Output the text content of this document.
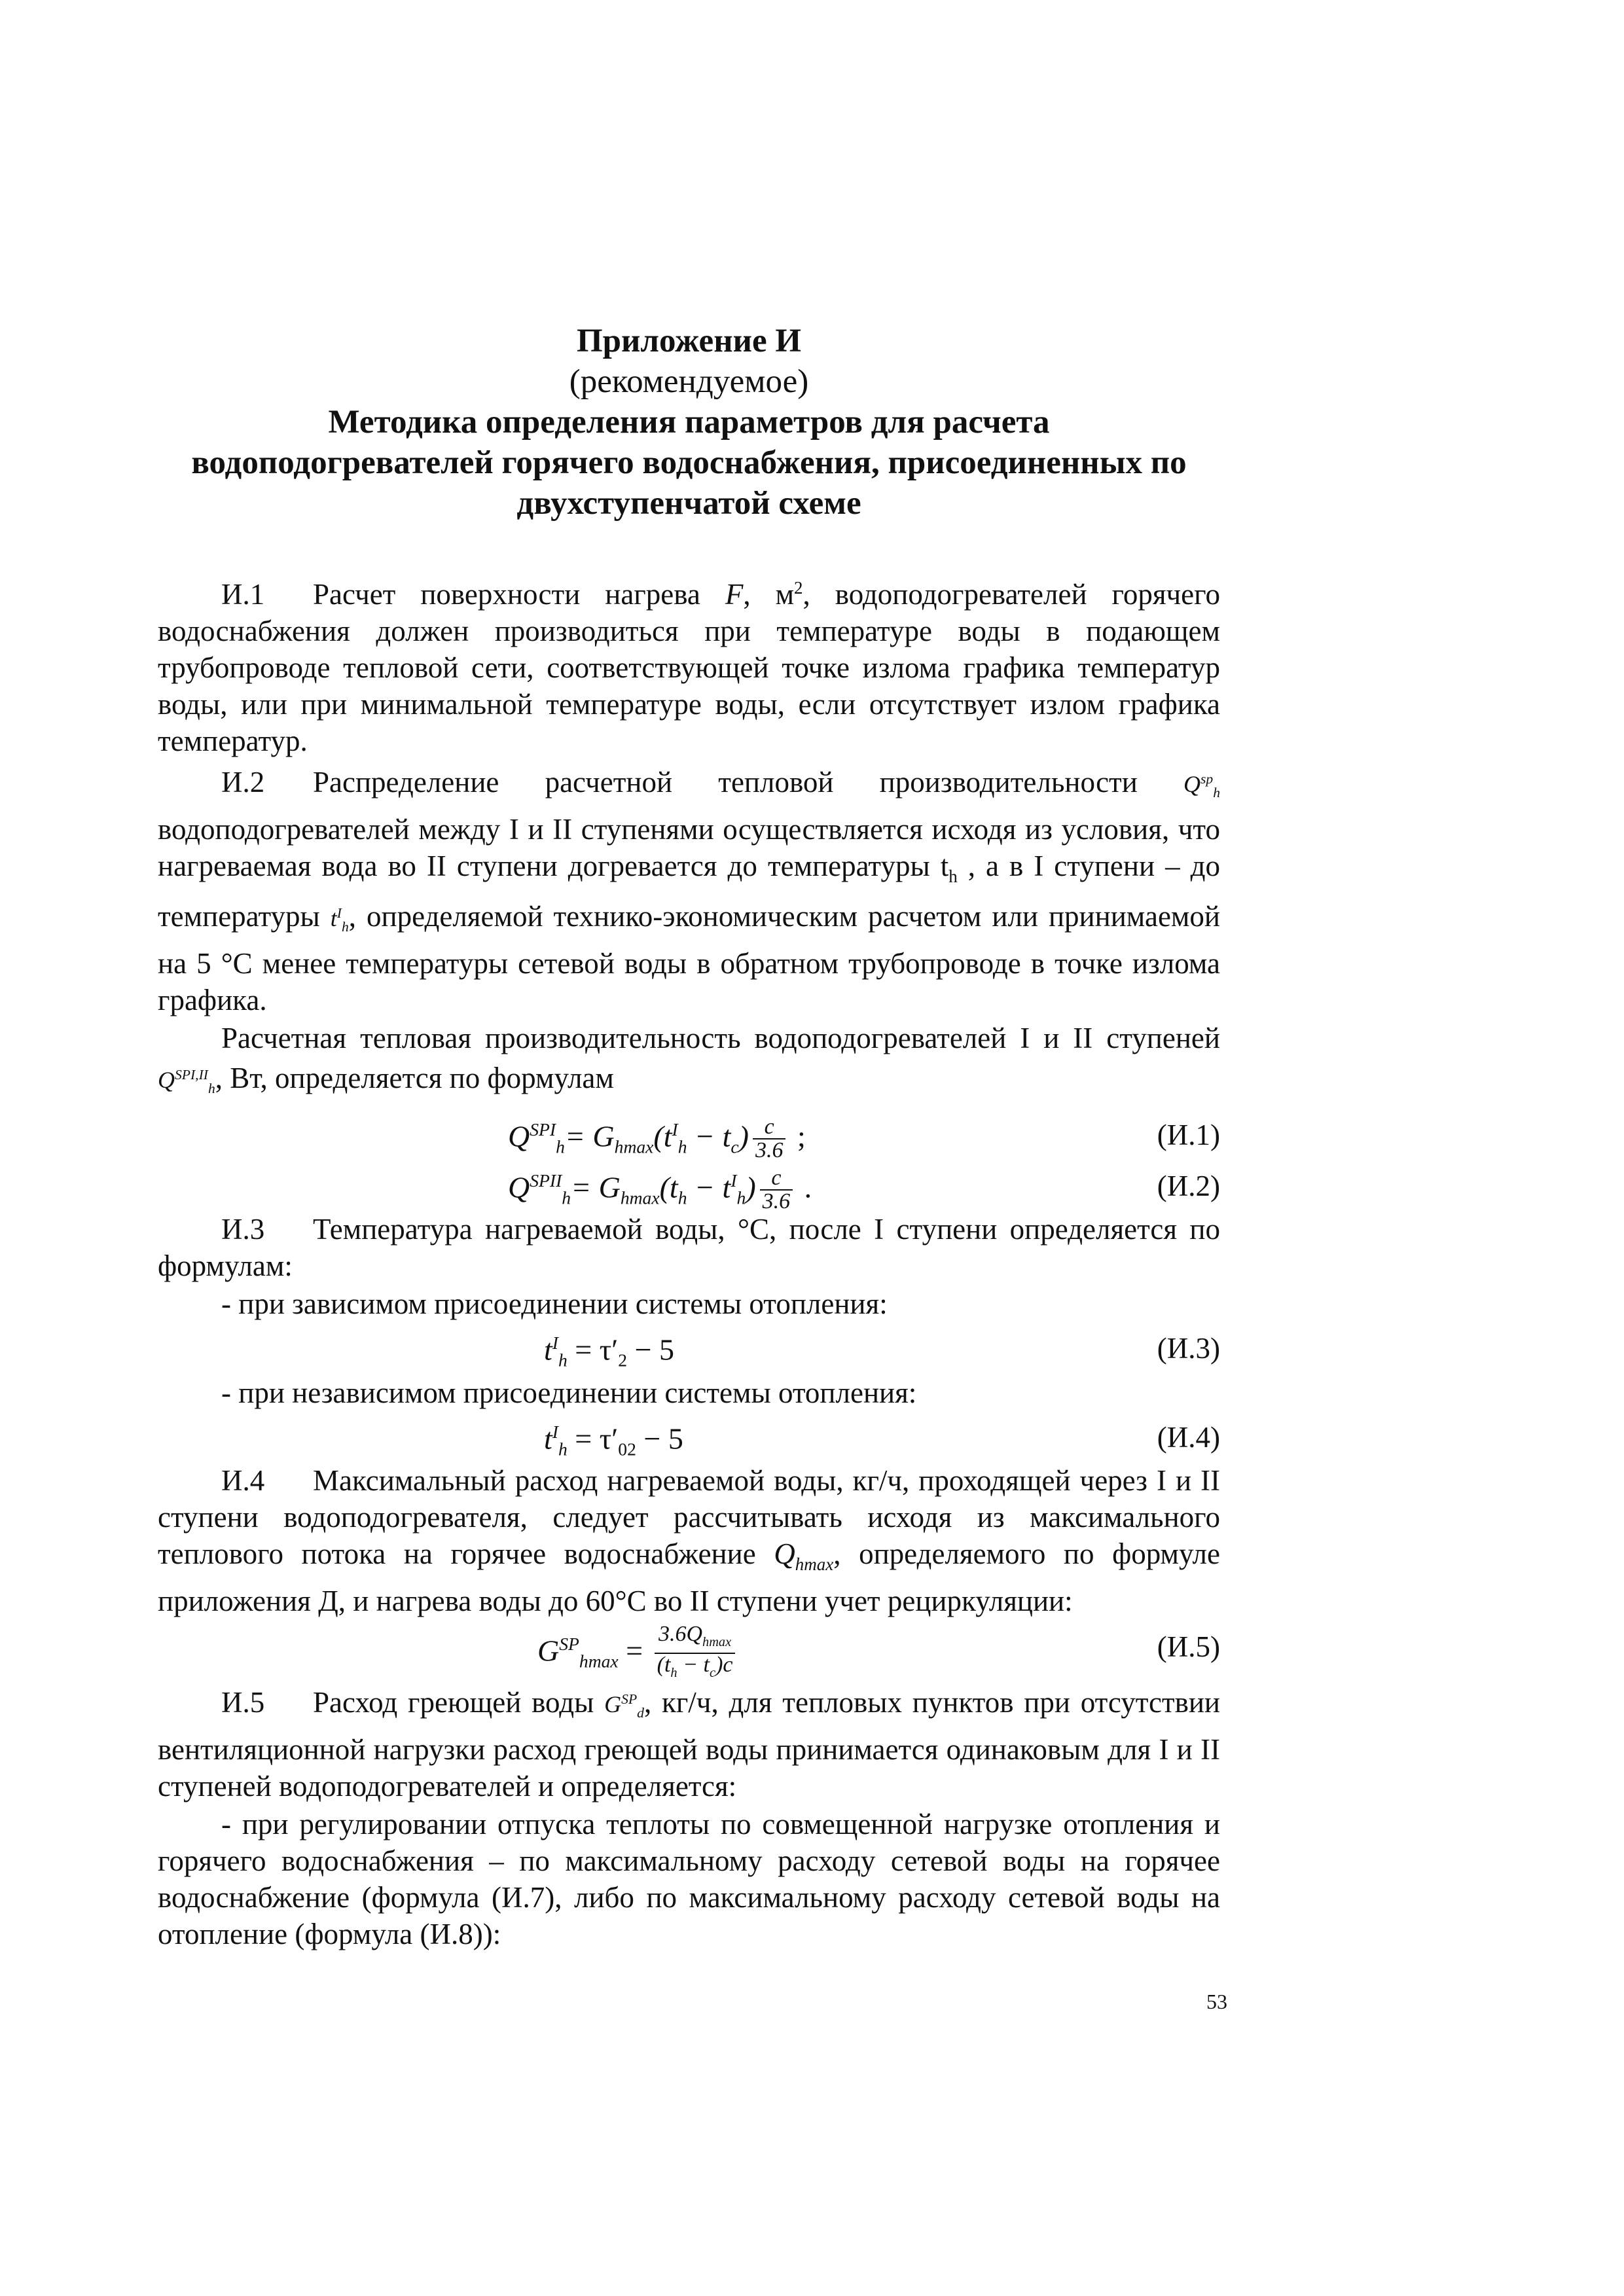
Приложение И
(рекомендуемое)
Методика определения параметров для расчета
водоподогревателей горячего водоснабжения, присоединенных по
двухступенчатой схеме

И.1 Расчет поверхности нагрева F, $м^2$, водоподогревателей горячего водоснабжения должен производиться при температуре воды в подающем трубопроводе тепловой сети, соответствующей точке излома графика температур воды, или при минимальной температуре воды, если отсутствует излом графика температур.

И.2 Распределение расчетной тепловой производительности $Q^{sp}_h$ водоподогревателей между I и II ступенями осуществляется исходя из условия, что нагреваемая вода во II ступени догревается до температуры $t_h$ , а в I ступени – до температуры $t^I_h$, определяемой технико-экономическим расчетом или принимаемой на 5 °С менее температуры сетевой воды в обратном трубопроводе в точке излома графика.

Расчетная тепловая производительность водоподогревателей I и II ступеней $Q^{SPI,II}_h$, Вт, определяется по формулам

$Q^{SPI}_h= G_{hmax}(t^I_h - t_c) \frac{c}{3.6}$ ;	(И.1)
$Q^{SPII}_h= G_{hmax}(t_h - t^I_h) \frac{c}{3.6}$ .	(И.2)

И.3 Температура нагреваемой воды, °С, после I ступени определяется по формулам:

- при зависимом присоединении системы отопления:

$t^I_h = \tau'_2 - 5$	(И.3)

- при независимом присоединении системы отопления:

$t^I_h = \tau'_{02} - 5$	(И.4)

И.4 Максимальный расход нагреваемой воды, кг/ч, проходящей через I и II ступени водоподогревателя, следует рассчитывать исходя из максимального теплового потока на горячее водоснабжение $Q_{hmax}$, определяемого по формуле приложения Д, и нагрева воды до 60°С во II ступени учет рециркуляции:

$G^{SP}_{hmax} = \frac{3.6Q_{hmax}}{(t_h - t_c)c}$	(И.5)

И.5 Расход греющей воды $G^{SP}_d$, кг/ч, для тепловых пунктов при отсутствии вентиляционной нагрузки расход греющей воды принимается одинаковым для I и II ступеней водоподогревателей и определяется:

- при регулировании отпуска теплоты по совмещенной нагрузке отопления и горячего водоснабжения – по максимальному расходу сетевой воды на горячее водоснабжение (формула (И.7), либо по максимальному расходу сетевой воды на отопление (формула (И.8)):

53
